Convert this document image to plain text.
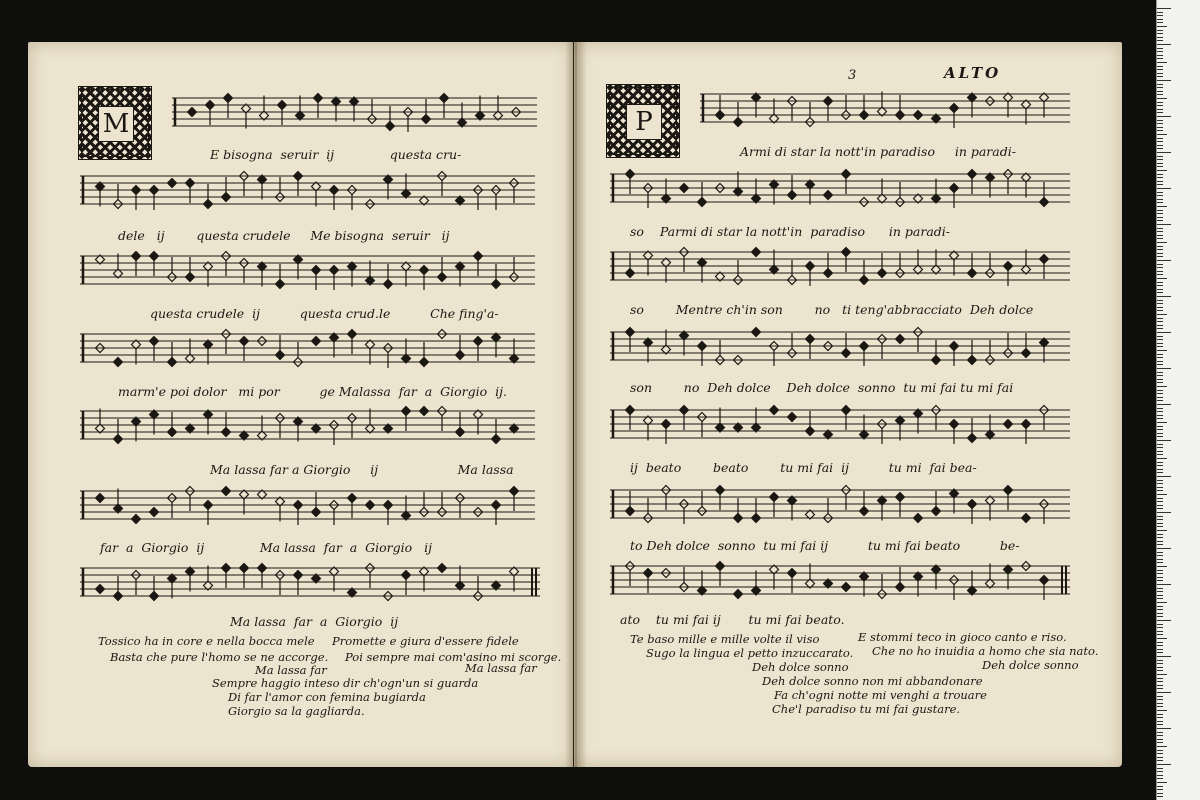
M
E bisogna  seruir  ij              questa cru-
dele   ij        questa crudele     Me bisogna  seruir   ij
questa crudele  ij          questa crud.le          Che fing'a-
marm'e poi dolor   mi por          ge Malassa  far  a  Giorgio  ij.
Ma lassa far a Giorgio     ij                    Ma lassa
far  a  Giorgio  ij              Ma lassa  far  a  Giorgio   ij
Ma lassa  far  a  Giorgio  ij
Tossico ha in core e nella bocca mele
Basta che pure l'homo se ne accorge.
Promette e giura d'essere fidele
Poi sempre mai com'asino mi scorge.
Ma lassa far	Ma lassa far
Sempre haggio inteso dir ch'ogn'un si guarda
Di far l'amor con femina bugiarda
Giorgio sa la gagliarda.
3	ALTO
P
Armi di star la nott'in paradiso     in paradi-
so    Parmi di star la nott'in  paradiso      in paradi-
so        Mentre ch'in son        no   ti teng'abbracciato  Deh dolce
son        no  Deh dolce    Deh dolce  sonno  tu mi fai tu mi fai
ij  beato        beato        tu mi fai  ij          tu mi  fai bea-
to Deh dolce  sonno  tu mi fai ij          tu mi fai beato          be-
ato    tu mi fai ij       tu mi fai beato.
Te baso mille e mille volte il viso
Sugo la lingua el petto inzuccarato.
E stommi teco in gioco canto e riso.
Che no ho inuidia a homo che sia nato.
Deh dolce sonno	Deh dolce sonno
Deh dolce sonno non mi abbandonare
Fa ch'ogni notte mi venghi a trouare
Che'l paradiso tu mi fai gustare.
